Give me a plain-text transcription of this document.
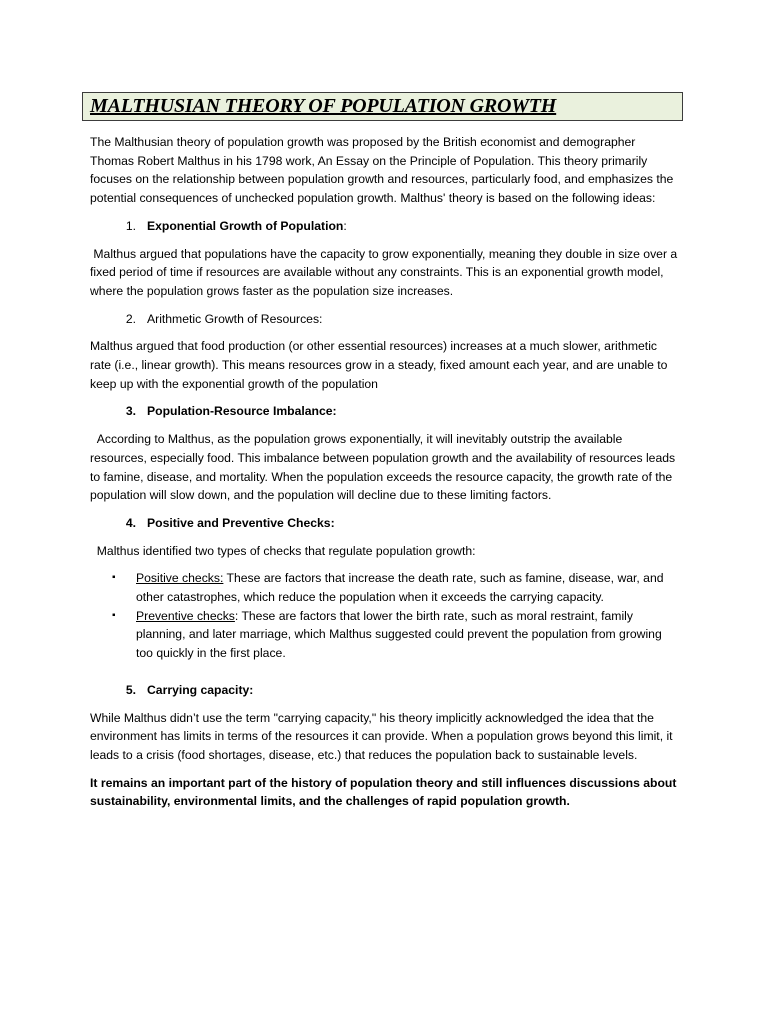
MALTHUSIAN THEORY OF POPULATION GROWTH

The Malthusian theory of population growth was proposed by the British economist and demographer Thomas Robert Malthus in his 1798 work, An Essay on the Principle of Population. This theory primarily focuses on the relationship between population growth and resources, particularly food, and emphasizes the potential consequences of unchecked population growth. Malthus' theory is based on the following ideas:

1. Exponential Growth of Population:

Malthus argued that populations have the capacity to grow exponentially, meaning they double in size over a fixed period of time if resources are available without any constraints. This is an exponential growth model, where the population grows faster as the population size increases.

2. Arithmetic Growth of Resources:

Malthus argued that food production (or other essential resources) increases at a much slower, arithmetic rate (i.e., linear growth). This means resources grow in a steady, fixed amount each year, and are unable to keep up with the exponential growth of the population

3. Population-Resource Imbalance:

According to Malthus, as the population grows exponentially, it will inevitably outstrip the available resources, especially food. This imbalance between population growth and the availability of resources leads to famine, disease, and mortality. When the population exceeds the resource capacity, the growth rate of the population will slow down, and the population will decline due to these limiting factors.

4. Positive and Preventive Checks:

Malthus identified two types of checks that regulate population growth:

▪	Positive checks: These are factors that increase the death rate, such as famine, disease, war, and other catastrophes, which reduce the population when it exceeds the carrying capacity.
▪	Preventive checks: These are factors that lower the birth rate, such as moral restraint, family planning, and later marriage, which Malthus suggested could prevent the population from growing too quickly in the first place.
5. Carrying capacity:

While Malthus didn’t use the term "carrying capacity," his theory implicitly acknowledged the idea that the environment has limits in terms of the resources it can provide. When a population grows beyond this limit, it leads to a crisis (food shortages, disease, etc.) that reduces the population back to sustainable levels.

It remains an important part of the history of population theory and still influences discussions about sustainability, environmental limits, and the challenges of rapid population growth.
